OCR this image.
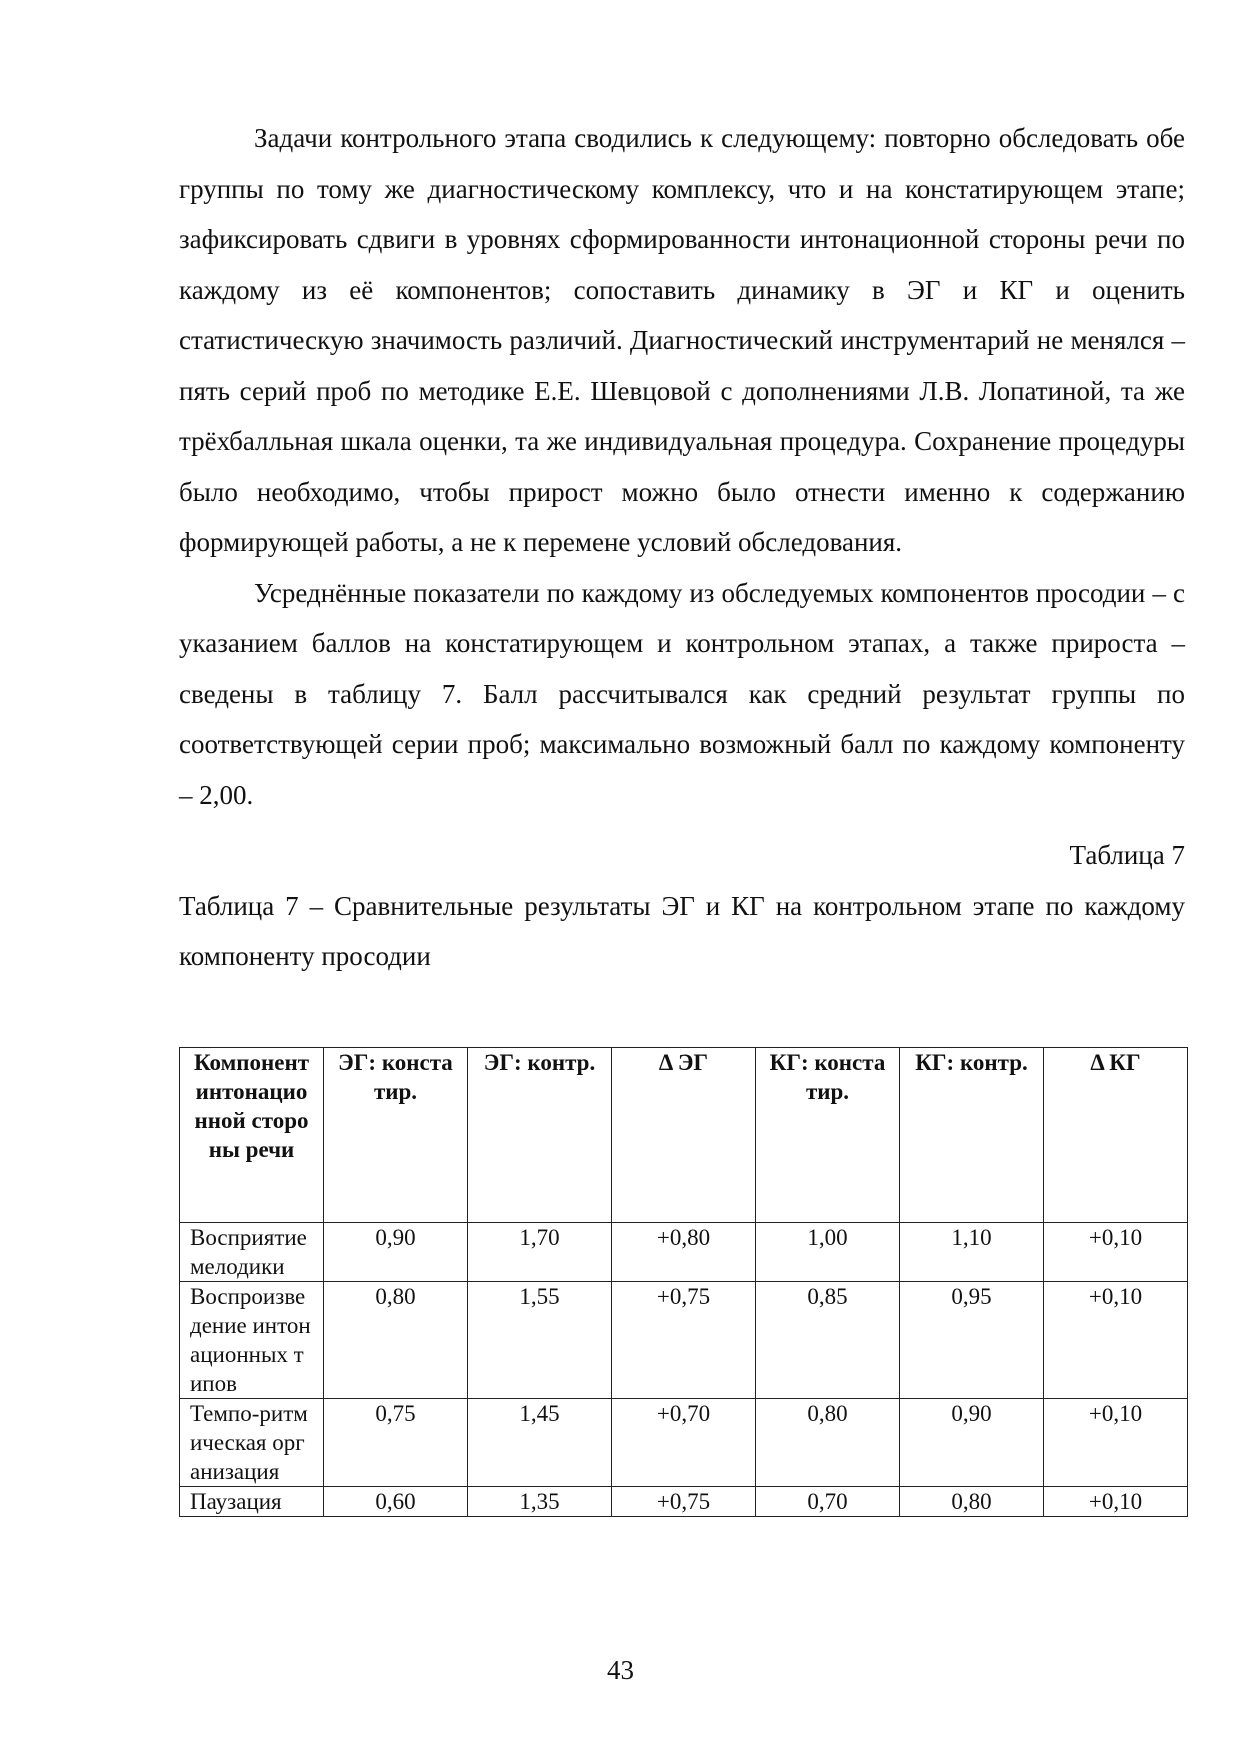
Задачи контрольного этапа сводились к следующему: повторно обследовать обе группы по тому же диагностическому комплексу, что и на констатирующем этапе; зафиксировать сдвиги в уровнях сформированности интонационной стороны речи по каждому из её компонентов; сопоставить динамику в ЭГ и КГ и оценить статистическую значимость различий. Диагностический инструментарий не менялся – пять серий проб по методике Е.Е. Шевцовой с дополнениями Л.В. Лопатиной, та же трёхбалльная шкала оценки, та же индивидуальная процедура. Сохранение процедуры было необходимо, чтобы прирост можно было отнести именно к содержанию формирующей работы, а не к перемене условий обследования.

Усреднённые показатели по каждому из обследуемых компонентов просодии – с указанием баллов на констатирующем и контрольном этапах, а также прироста – сведены в таблицу 7. Балл рассчитывался как средний результат группы по соответствующей серии проб; максимально возможный балл по каждому компоненту – 2,00.

Таблица 7

Таблица 7 – Сравнительные результаты ЭГ и КГ на контрольном этапе по каждому компоненту просодии

Компонент интонационной стороны речи	ЭГ: констатир.	ЭГ: контр.	Δ ЭГ	КГ: констатир.	КГ: контр.	Δ КГ
Восприятие мелодики	0,90	1,70	+0,80	1,00	1,10	+0,10
Воспроизведение интонационных типов	0,80	1,55	+0,75	0,85	0,95	+0,10
Темпо-ритмическая организация	0,75	1,45	+0,70	0,80	0,90	+0,10
Паузация	0,60	1,35	+0,75	0,70	0,80	+0,10
43
